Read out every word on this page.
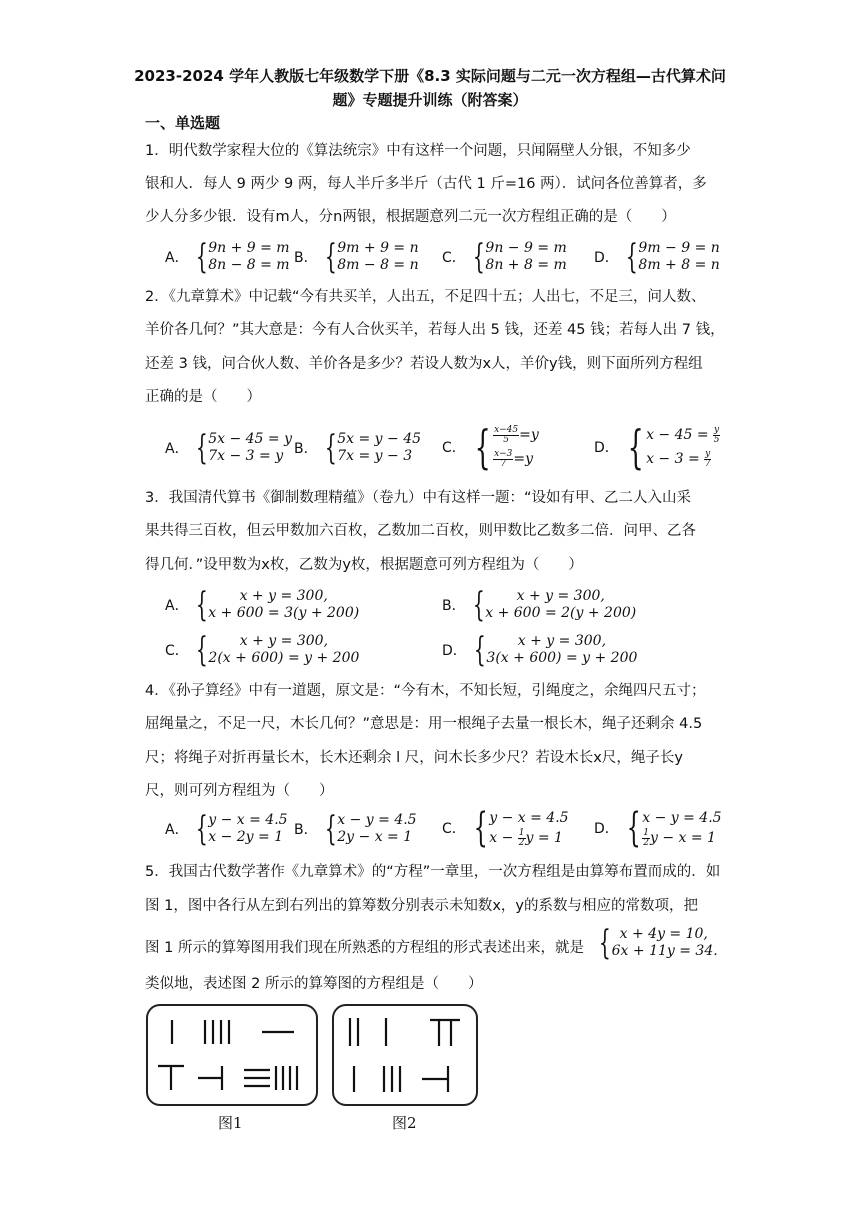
2023-2024 学年人教版七年级数学下册《8.3 实际问题与二元一次方程组—古代算术问
题》专题提升训练（附答案）
一、单选题
1．明代数学家程大位的《算法统宗》中有这样一个问题，只闻隔壁人分银，不知多少
银和人．每人 9 两少 9 两，每人半斤多半斤（古代 1 斤=16 两）．试问各位善算者，多
少人分多少银．设有m人，分n两银，根据题意列二元一次方程组正确的是（　　）
A． { 9n + 9 = m
8n − 8 = m B． { 9m + 9 = n
8m − 8 = n C． { 9n − 9 = m
8n + 8 = m D． { 9m − 9 = n
8m + 8 = n
2．《九章算术》中记载“今有共买羊，人出五，不足四十五；人出七，不足三，问人数、
羊价各几何？”其大意是：今有人合伙买羊，若每人出 5 钱，还差 45 钱；若每人出 7 钱，
还差 3 钱，问合伙人数、羊价各是多少？若设人数为x人，羊价y钱，则下面所列方程组
正确的是（　　）
A． { 5x − 45 = y
7x − 3 = y B． { 5x = y − 45
7x = y − 3	C． { $\frac{x-45}{5} =y$
$\frac{x-3}{7} =y$
D． { $x - 45 = \frac{y}{5}$
$x - 3 = \frac{y}{7}$
3．我国清代算书《御制数理精蕴》（卷九）中有这样一题：“设如有甲、乙二人入山采
果共得三百枚，但云甲数加六百枚，乙数加二百枚，则甲数比乙数多二倍．问甲、乙各
得几何．”设甲数为x枚，乙数为y枚，根据题意可列方程组为（　　）
A． { x + y = 300,
x + 600 = 3(y + 200)	B． { x + y = 300,
x + 600 = 2(y + 200)
C． { x + y = 300,
2(x + 600) = y + 200	D． { x + y = 300,
3(x + 600) = y + 200
4．《孙子算经》中有一道题，原文是：“今有木，不知长短，引绳度之，余绳四尺五寸；
屈绳量之，不足一尺，木长几何？”意思是：用一根绳子去量一根长木，绳子还剩余 4.5
尺；将绳子对折再量长木，长木还剩余 l 尺，问木长多少尺？若设木长x尺，绳子长y
尺，则可列方程组为（　　）
A． { y − x = 4.5
x − 2y = 1 B． { x − y = 4.5
2y − x = 1	C． { y − x = 4.5
$x - \frac{1}{2}$ y = 1
D． { x − y = 4.5
$\frac{1}{2}$ y − x = 1
5．我国古代数学著作《九章算术》的“方程”一章里，一次方程组是由算筹布置而成的．如
图 1，图中各行从左到右列出的算筹数分别表示未知数x，y的系数与相应的常数项，把
图 1 所示的算筹图用我们现在所熟悉的方程组的形式表述出来，就是 { x + 4y = 10,
6x + 11y = 34.
类似地，表述图 2 所示的算筹图的方程组是（　　）
图1	图2
